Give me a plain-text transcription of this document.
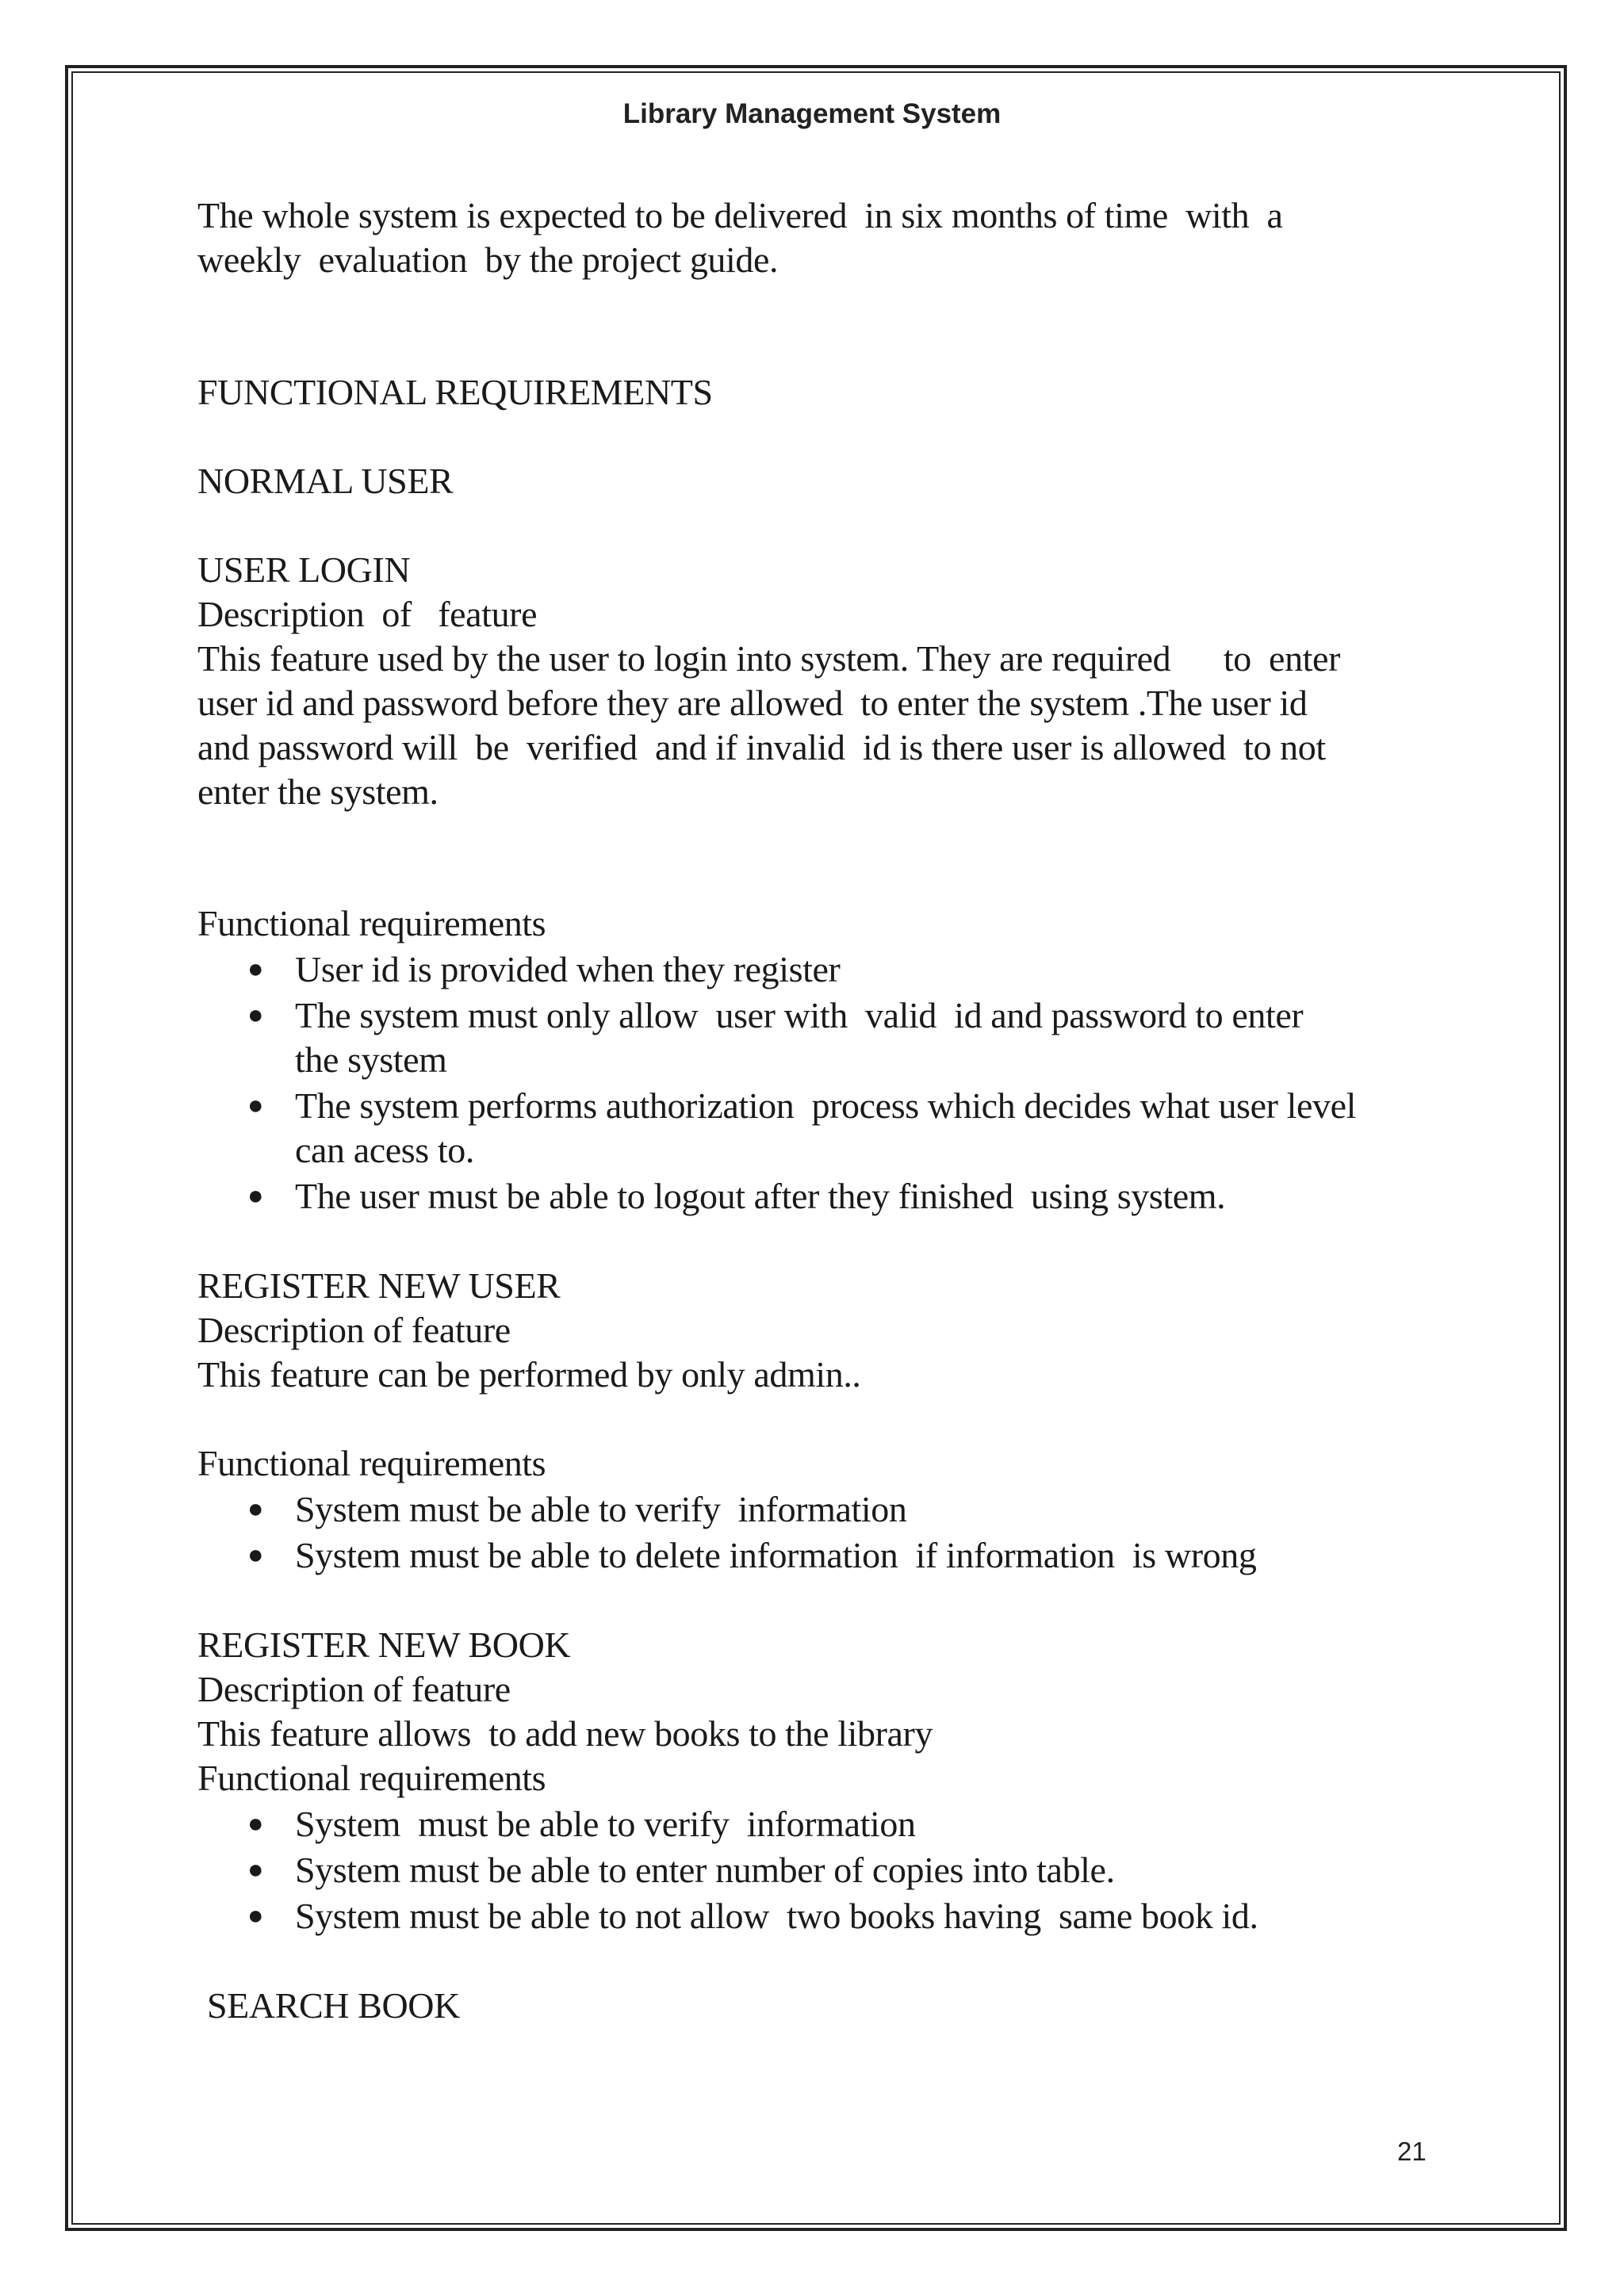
Library Management System
The whole system is expected to be delivered  in six months of time  with  a
weekly  evaluation  by the project guide.
FUNCTIONAL REQUIREMENTS
NORMAL USER
USER LOGIN
Description  of   feature
This feature used by the user to login into system. They are required      to  enter
user id and password before they are allowed  to enter the system .The user id
and password will  be  verified  and if invalid  id is there user is allowed  to not
enter the system.
Functional requirements
● User id is provided when they register
● The system must only allow  user with  valid  id and password to enter
the system
● The system performs authorization  process which decides what user level
can acess to.
● The user must be able to logout after they finished  using system.
REGISTER NEW USER
Description of feature
This feature can be performed by only admin..
Functional requirements
● System must be able to verify  information
● System must be able to delete information  if information  is wrong
REGISTER NEW BOOK
Description of feature
This feature allows  to add new books to the library
Functional requirements
● System  must be able to verify  information
● System must be able to enter number of copies into table.
● System must be able to not allow  two books having  same book id.
SEARCH BOOK
21
